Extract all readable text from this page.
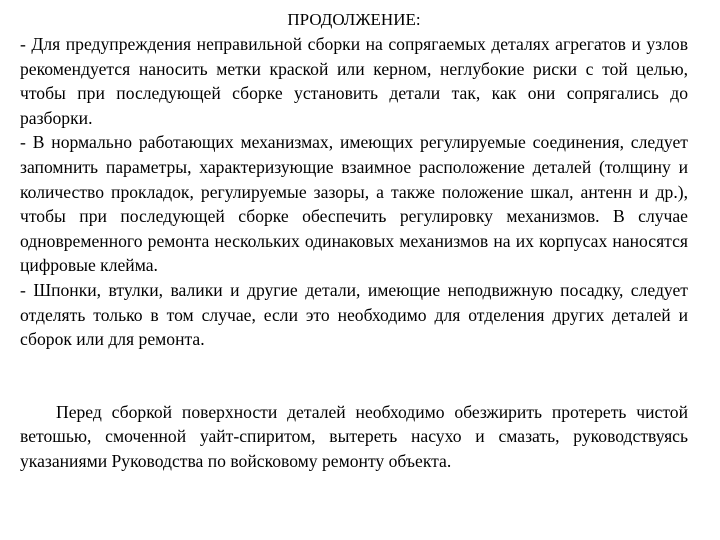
ПРОДОЛЖЕНИЕ:

- Для предупреждения неправильной сборки на сопрягаемых деталях агрегатов и узлов рекомендуется наносить метки краской или керном, неглубокие риски с той целью, чтобы при последующей сборке установить детали так, как они сопрягались до разборки.

- В нормально работающих механизмах, имеющих регулируемые соединения, следует запомнить параметры, характеризующие взаимное расположение деталей (толщину и количество прокладок, регулируемые зазоры, а также положение шкал, антенн и др.), чтобы при последующей сборке обеспечить регулировку механизмов. В случае одновременного ремонта нескольких одинаковых механизмов на их корпусах наносятся цифровые клейма.

- Шпонки, втулки, валики и другие детали, имеющие неподвижную посадку, следует отделять только в том случае, если это необходимо для отделения других деталей и сборок или для ремонта.

Перед сборкой поверхности деталей необходимо обезжирить протереть чистой ветошью, смоченной уайт-спиритом, вытереть насухо и смазать, руководствуясь указаниями Руководства по войсковому ремонту объекта.
